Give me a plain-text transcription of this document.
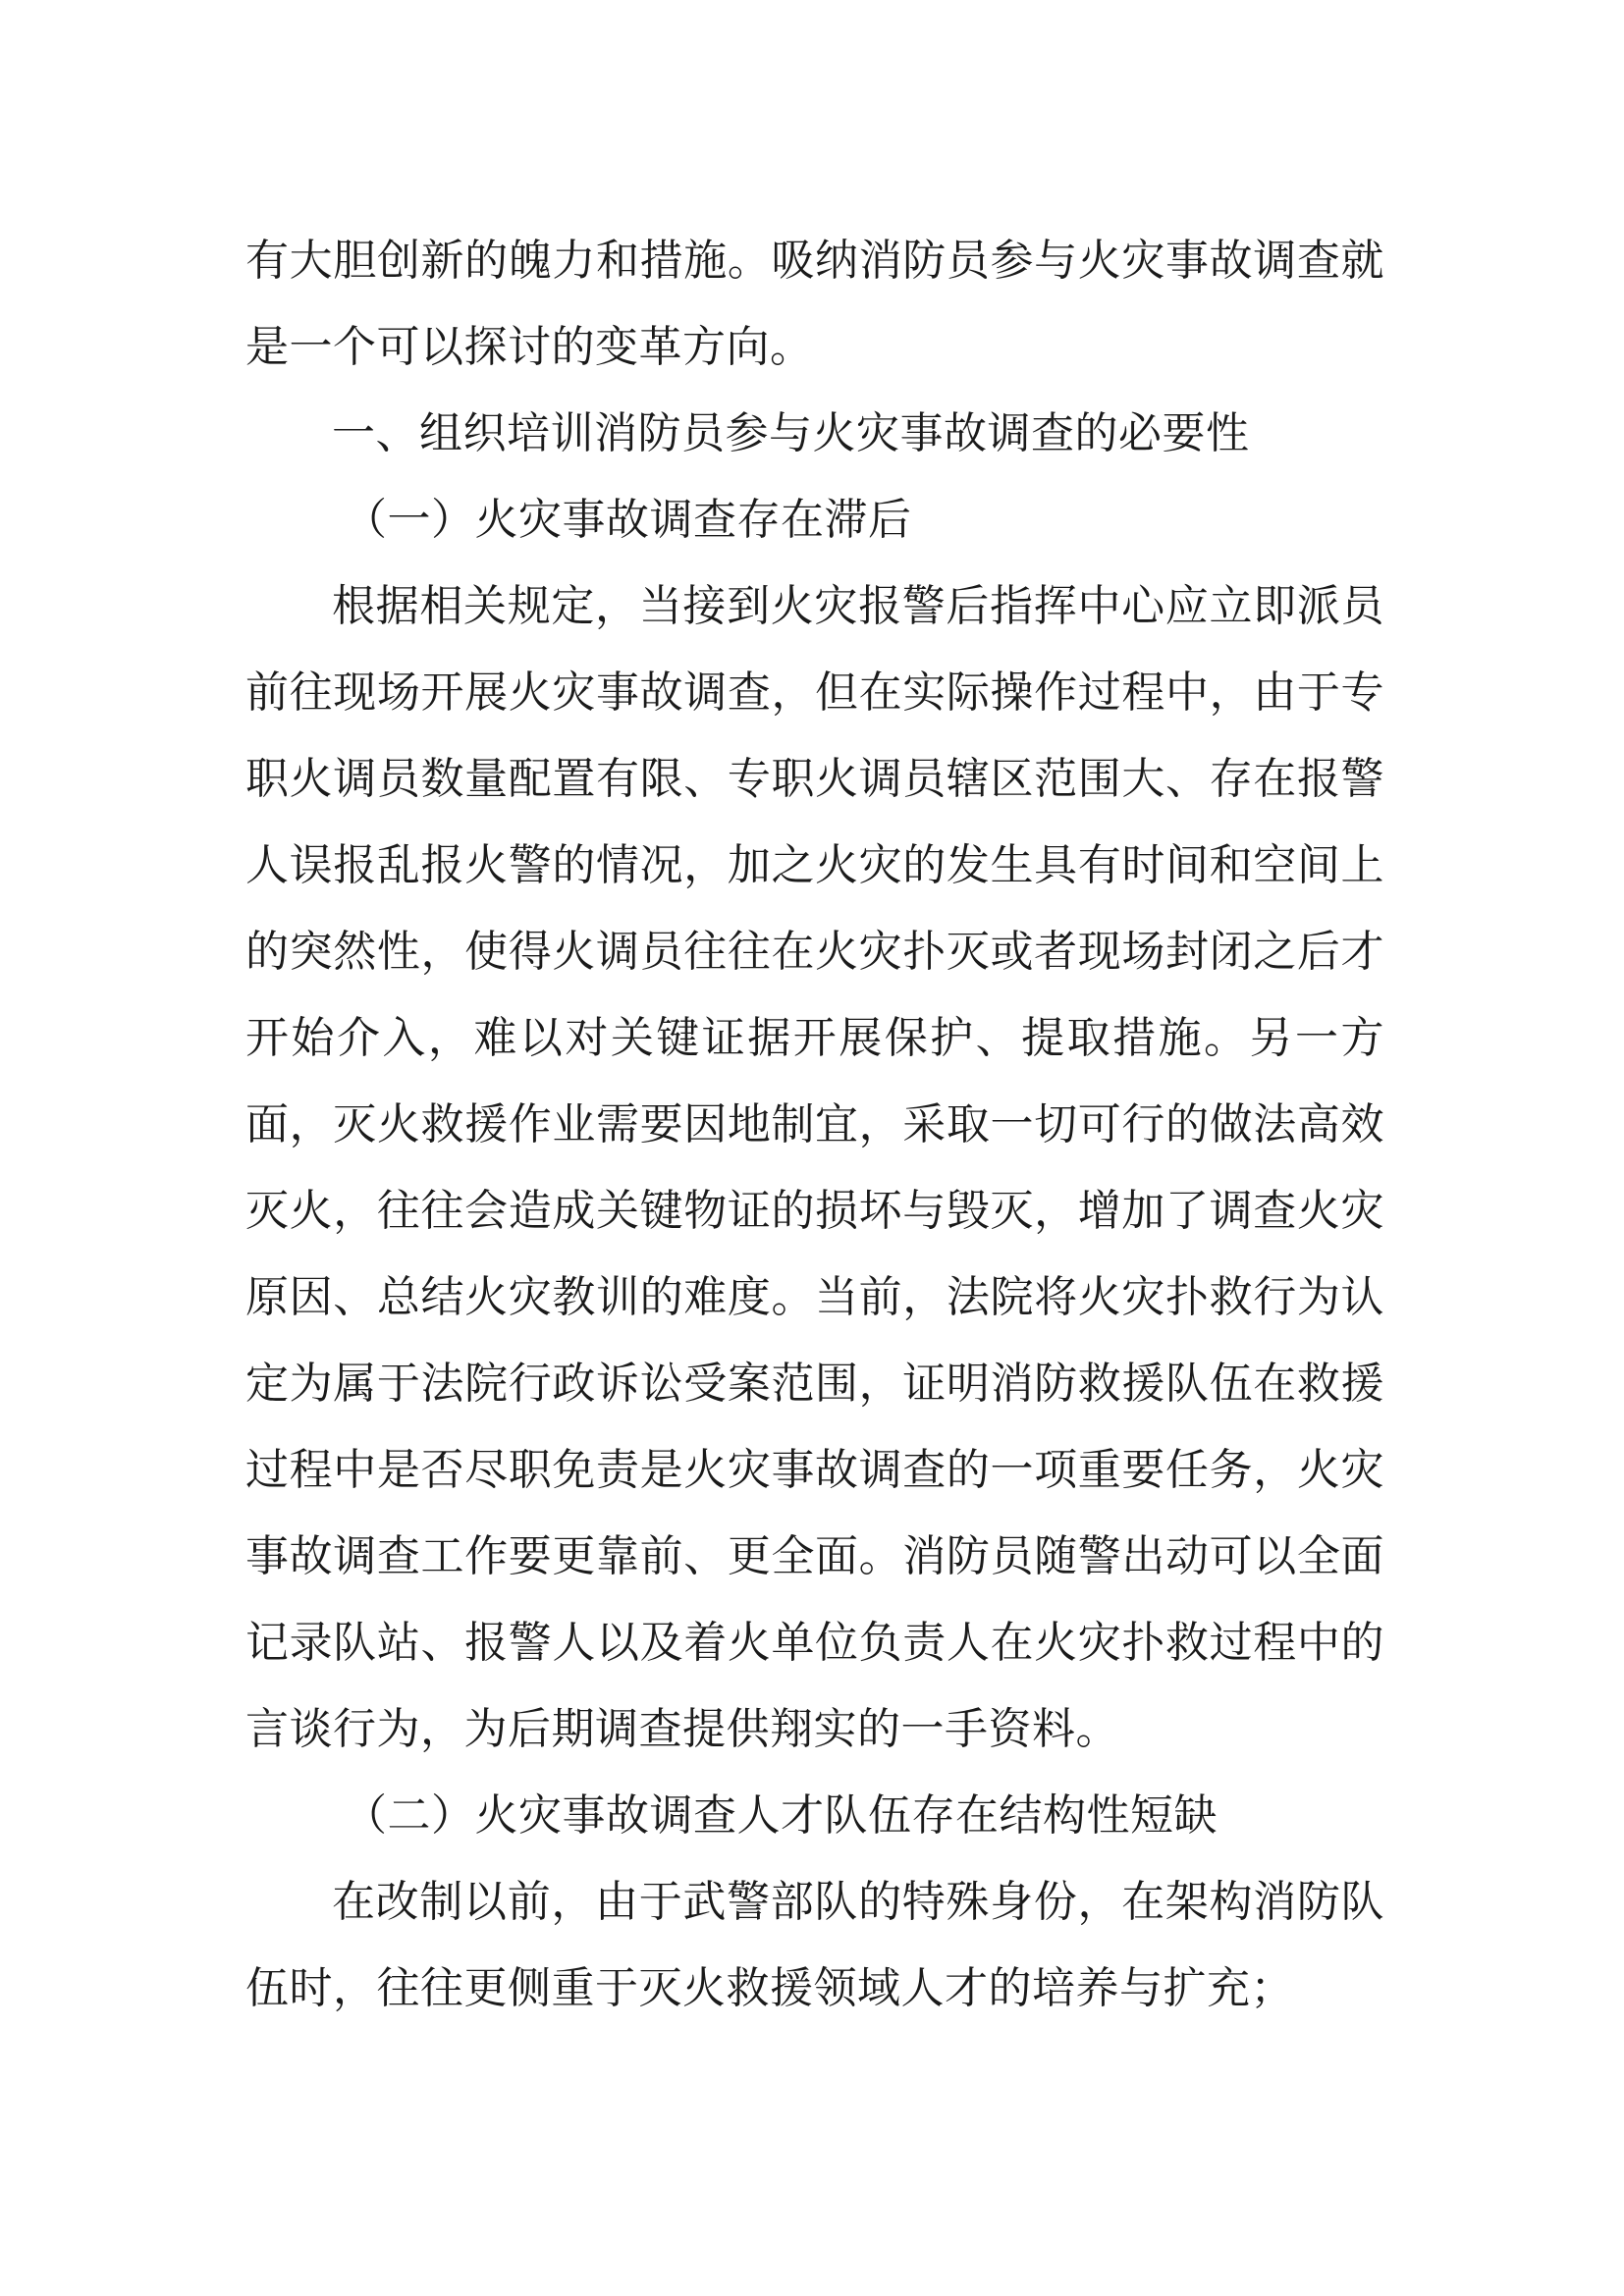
有大胆创新的魄力和措施。吸纳消防员参与火灾事故调查就是一个可以探讨的变革方向。

一、组织培训消防员参与火灾事故调查的必要性

（一）火灾事故调查存在滞后

根据相关规定，当接到火灾报警后指挥中心应立即派员前往现场开展火灾事故调查，但在实际操作过程中，由于专职火调员数量配置有限、专职火调员辖区范围大、存在报警人误报乱报火警的情况，加之火灾的发生具有时间和空间上的突然性，使得火调员往往在火灾扑灭或者现场封闭之后才开始介入，难以对关键证据开展保护、提取措施。另一方面，灭火救援作业需要因地制宜，采取一切可行的做法高效灭火，往往会造成关键物证的损坏与毁灭，增加了调查火灾原因、总结火灾教训的难度。当前，法院将火灾扑救行为认定为属于法院行政诉讼受案范围，证明消防救援队伍在救援过程中是否尽职免责是火灾事故调查的一项重要任务，火灾事故调查工作要更靠前、更全面。消防员随警出动可以全面记录队站、报警人以及着火单位负责人在火灾扑救过程中的言谈行为，为后期调查提供翔实的一手资料。

（二）火灾事故调查人才队伍存在结构性短缺

在改制以前，由于武警部队的特殊身份，在架构消防队伍时，往往更侧重于灭火救援领域人才的培养与扩充；
